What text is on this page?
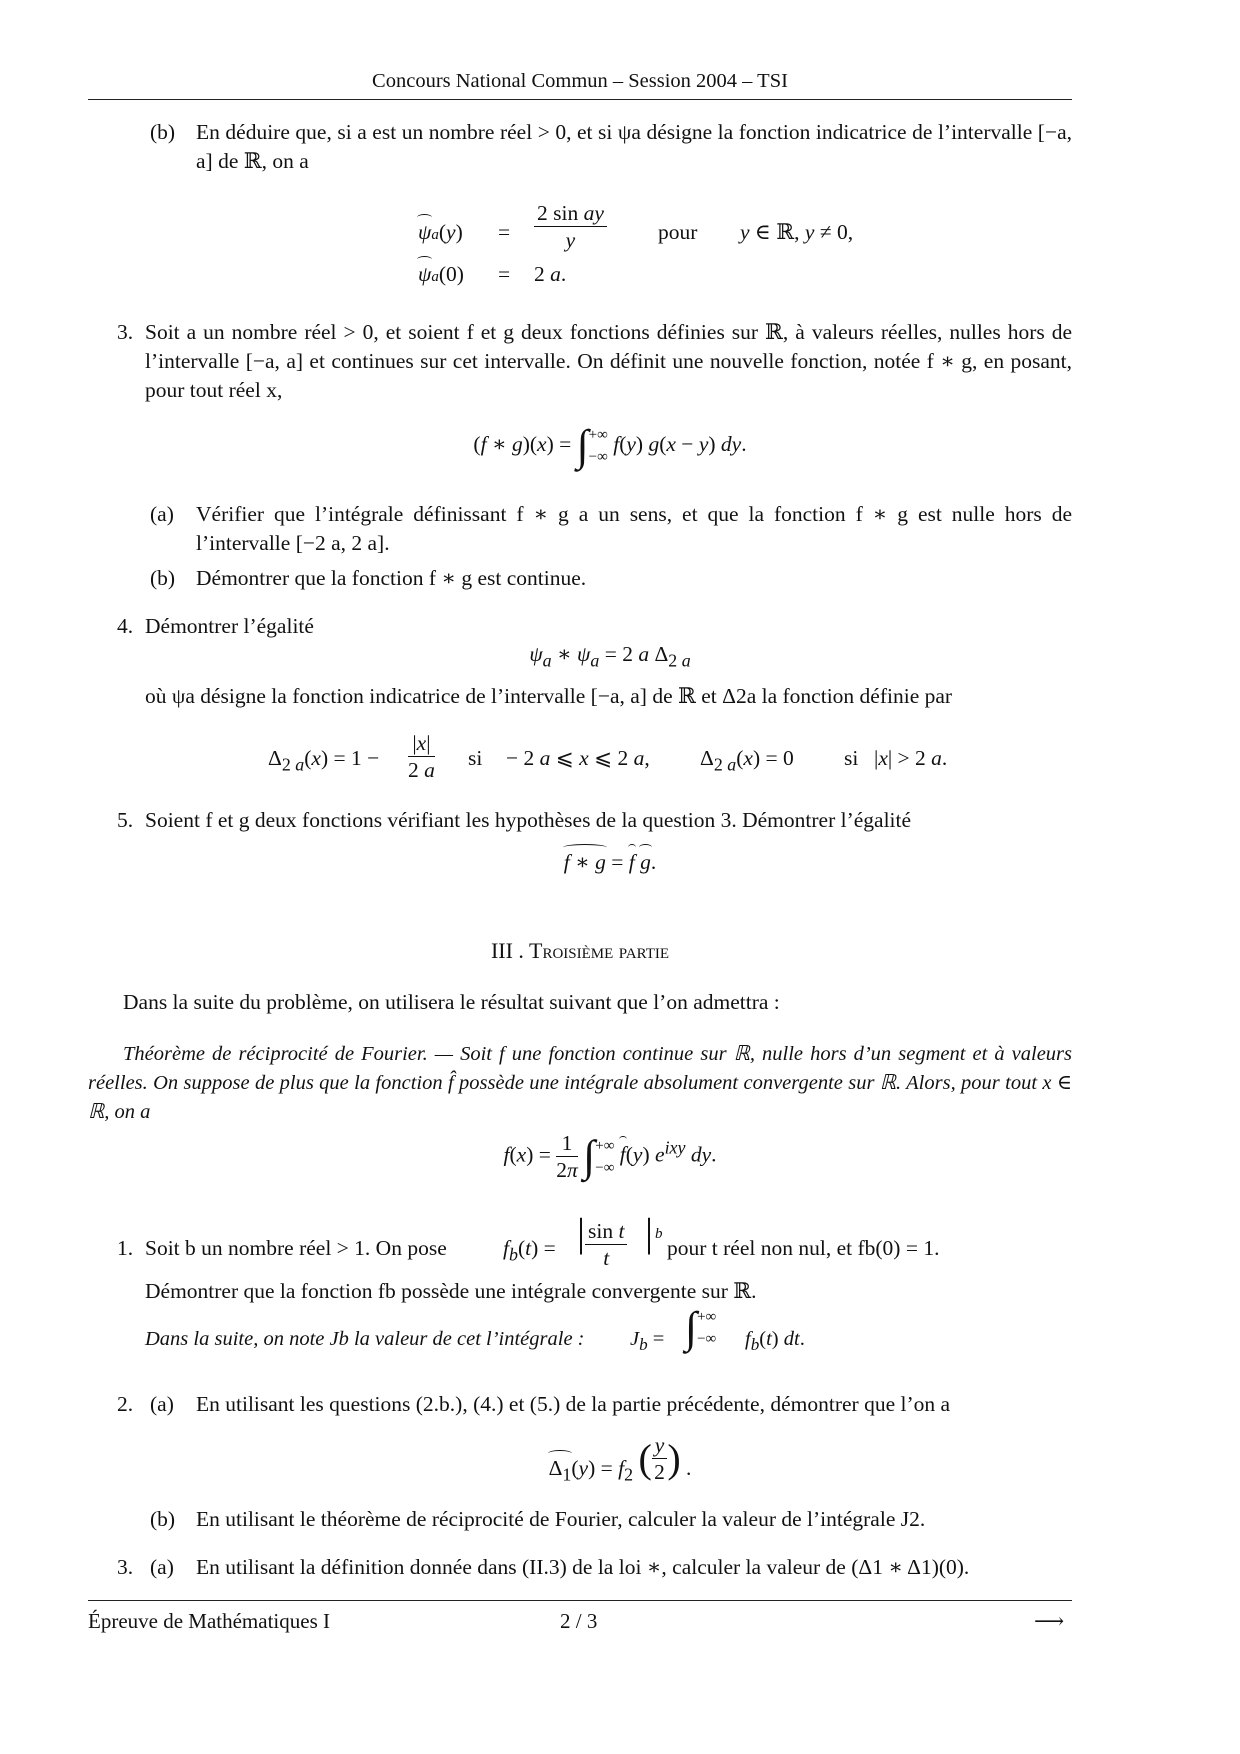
Concours National Commun – Session 2004 – TSI
(b) En déduire que, si a est un nombre réel > 0, et si ψa désigne la fonction indicatrice de l’intervalle [−a, a] de ℝ, on a
$\psi a(y) = \frac{\text{2 sin ay}}{y}$ pour y ∈ ℝ, y ≠ 0,
ψa(0) = 2 a.
3. Soit a un nombre réel > 0, et soient f et g deux fonctions définies sur ℝ, à valeurs réelles, nulles hors de l’intervalle [−a, a] et continues sur cet intervalle. On définit une nouvelle fonction, notée f ∗ g, en posant, pour tout réel x,
(f ∗ g)(x) = ∫ +∞
−∞
f(y) g(x − y) dy.
(a) Vérifier que l’intégrale définissant f ∗ g a un sens, et que la fonction f ∗ g est nulle hors de l’intervalle [−2 a, 2 a].
(b) Démontrer que la fonction f ∗ g est continue.
4. Démontrer l’égalité
$\psi_a$ ∗ $\psi_a = 2$ a $\Delta_{2 a}$
où ψa désigne la fonction indicatrice de l’intervalle [−a, a] de ℝ et Δ2a la fonction définie par
$\Delta_{2 a}(x) = 1 - \frac{|x|}{2 a}$ si − 2 a ⩽ x ⩽ 2 a, $\Delta_{2 a}(x) = 0$ si |x| > 2 a.
5. Soient f et g deux fonctions vérifiant les hypothèses de la question 3. Démontrer l’égalité
f ∗ g = f g.
III . Troisième partie
Dans la suite du problème, on utilisera le résultat suivant que l’on admettra :
Théorème de réciprocité de Fourier. — Soit f une fonction continue sur ℝ, nulle hors d’un segment et à valeurs réelles. On suppose de plus que la fonction f̂ possède une intégrale absolument convergente sur ℝ. Alors, pour tout x ∈ ℝ, on a
$f(x) = \frac{1}{2\pi}$ ∫ +∞
−∞
f(y) $e^{ixy}$ dy.
1. Soit b un nombre réel > 1. On pose	$f_b(t)$ = | $\frac{\text{sin t}}{t}$ | b
pour t réel non nul, et fb(0) = 1.
Démontrer que la fonction fb possède une intégrale convergente sur ℝ.
Dans la suite, on note Jb la valeur de cet l’intégrale : $J_b$ = ∫ +∞
−∞ $f_b(t)$ dt.
2. (a) En utilisant les questions (2.b.), (4.) et (5.) de la partie précédente, démontrer que l’on a
$\Delta_1(y) = f_2$ ( $\frac{y}{2}$ ) .
(b) En utilisant le théorème de réciprocité de Fourier, calculer la valeur de l’intégrale J2.
3. (a) En utilisant la définition donnée dans (II.3) de la loi ∗, calculer la valeur de (Δ1 ∗ Δ1)(0).
Épreuve de Mathématiques I	2 / 3	⟶
